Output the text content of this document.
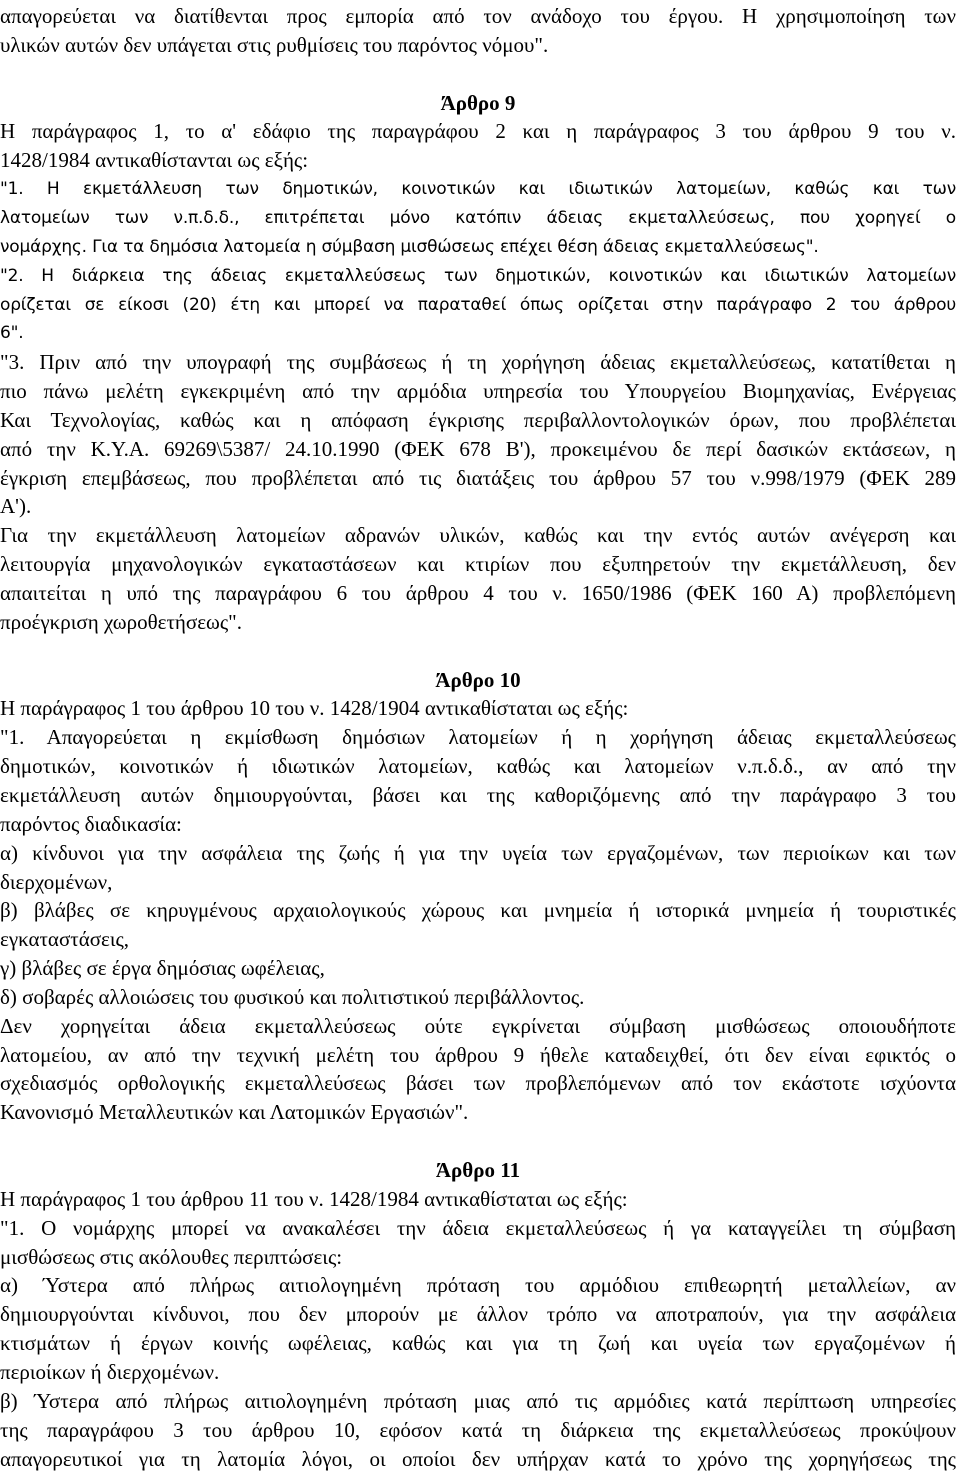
απαγορεύεται να διατίθενται προς εμπορία από τον ανάδοχο του έργου. Η χρησιμοποίηση των
υλικών αυτών δεν υπάγεται στις ρυθμίσεις του παρόντος νόμου".
Άρθρο 9
Η παράγραφος 1, το α' εδάφιο της παραγράφου 2 και η παράγραφος 3 του άρθρου 9 του ν.
1428/1984 αντικαθίστανται ως εξής:
"1. Η εκμετάλλευση των δημοτικών, κοινοτικών και ιδιωτικών λατομείων, καθώς και των
λατομείων των ν.π.δ.δ., επιτρέπεται μόνο κατόπιν άδειας εκμεταλλεύσεως, που χορηγεί ο
νομάρχης. Για τα δημόσια λατομεία η σύμβαση μισθώσεως επέχει θέση άδειας εκμεταλλεύσεως".
"2. Η διάρκεια της άδειας εκμεταλλεύσεως των δημοτικών, κοινοτικών και ιδιωτικών λατομείων
ορίζεται σε είκοσι (20) έτη και μπορεί να παραταθεί όπως ορίζεται στην παράγραφο 2 του άρθρου
6".
"3. Πριν από την υπογραφή της συμβάσεως ή τη χορήγηση άδειας εκμεταλλεύσεως, κατατίθεται η
πιο πάνω μελέτη εγκεκριμένη από την αρμόδια υπηρεσία του Υπουργείου Βιομηχανίας, Ενέργειας
Και Τεχνολογίας, καθώς και η απόφαση έγκρισης περιβαλλοντολογικών όρων, που προβλέπεται
από την Κ.Υ.Α. 69269\5387/ 24.10.1990 (ΦΕΚ 678 Β'), προκειμένου δε περί δασικών εκτάσεων, η
έγκριση επεμβάσεως, που προβλέπεται από τις διατάξεις του άρθρου 57 του ν.998/1979 (ΦΕΚ 289
Α').
Για την εκμετάλλευση λατομείων αδρανών υλικών, καθώς και την εντός αυτών ανέγερση και
λειτουργία μηχανολογικών εγκαταστάσεων και κτιρίων που εξυπηρετούν την εκμετάλλευση, δεν
απαιτείται η υπό της παραγράφου 6 του άρθρου 4 του ν. 1650/1986 (ΦΕΚ 160 Α) προβλεπόμενη
προέγκριση χωροθετήσεως".
Άρθρο 10
Η παράγραφος 1 του άρθρου 10 του ν. 1428/1904 αντικαθίσταται ως εξής:
"1. Απαγορεύεται η εκμίσθωση δημόσιων λατομείων ή η χορήγηση άδειας εκμεταλλεύσεως
δημοτικών, κοινοτικών ή ιδιωτικών λατομείων, καθώς και λατομείων ν.π.δ.δ., αν από την
εκμετάλλευση αυτών δημιουργούνται, βάσει και της καθοριζόμενης από την παράγραφο 3 του
παρόντος διαδικασία:
α) κίνδυνοι για την ασφάλεια της ζωής ή για την υγεία των εργαζομένων, των περιοίκων και των
διερχομένων,
β) βλάβες σε κηρυγμένους αρχαιολογικούς χώρους και μνημεία ή ιστορικά μνημεία ή τουριστικές
εγκαταστάσεις,
γ) βλάβες σε έργα δημόσιας ωφέλειας,
δ) σοβαρές αλλοιώσεις του φυσικού και πολιτιστικού περιβάλλοντος.
Δεν χορηγείται άδεια εκμεταλλεύσεως ούτε εγκρίνεται σύμβαση μισθώσεως οποιουδήποτε
λατομείου, αν από την τεχνική μελέτη του άρθρου 9 ήθελε καταδειχθεί, ότι δεν είναι εφικτός ο
σχεδιασμός ορθολογικής εκμεταλλεύσεως βάσει των προβλεπόμενων από τον εκάστοτε ισχύοντα
Κανονισμό Μεταλλευτικών και Λατομικών Εργασιών".
Άρθρο 11
Η παράγραφος 1 του άρθρου 11 του ν. 1428/1984 αντικαθίσταται ως εξής:
"1. Ο νομάρχης μπορεί να ανακαλέσει την άδεια εκμεταλλεύσεως ή γα καταγγείλει τη σύμβαση
μισθώσεως στις ακόλουθες περιπτώσεις:
α) Ύστερα από πλήρως αιτιολογημένη πρόταση του αρμόδιου επιθεωρητή μεταλλείων, αν
δημιουργούνται κίνδυνοι, που δεν μπορούν με άλλον τρόπο να αποτραπούν, για την ασφάλεια
κτισμάτων ή έργων κοινής ωφέλειας, καθώς και για τη ζωή και υγεία των εργαζομένων ή
περιοίκων ή διερχομένων.
β) Ύστερα από πλήρως αιτιολογημένη πρόταση μιας από τις αρμόδιες κατά περίπτωση υπηρεσίες
της παραγράφου 3 του άρθρου 10, εφόσον κατά τη διάρκεια της εκμεταλλεύσεως προκύψουν
απαγορευτικοί για τη λατομία λόγοι, οι οποίοι δεν υπήρχαν κατά το χρόνο της χορηγήσεως της
